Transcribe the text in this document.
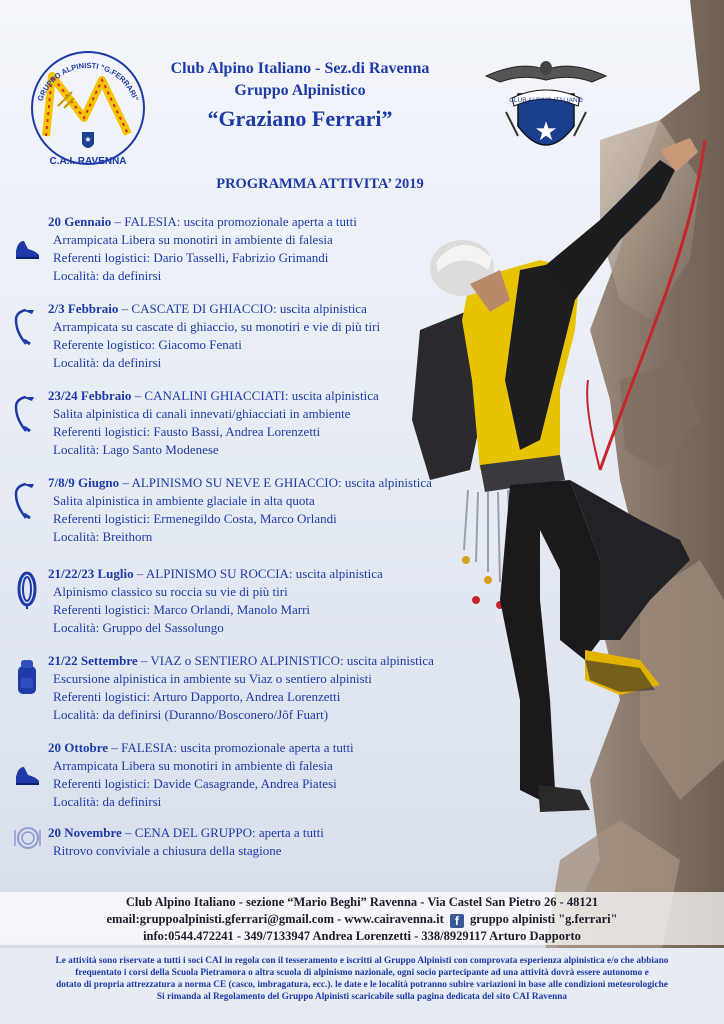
★
C.A.I. RAVENNA
GRUPPO ALPINISTI "G.FERRARI"
Club Alpino Italiano - Sez.di Ravenna
Gruppo Alpinistico
“Graziano Ferrari”
CLUB ALPINO ITALIANO
★
PROGRAMMA ATTIVITA’ 2019
20 Gennaio – FALESIA: uscita promozionale aperta a tutti
Arrampicata Libera su monotiri in ambiente di falesia
Referenti logistici: Dario Tasselli, Fabrizio Grimandi
Località: da definirsi
2/3 Febbraio – CASCATE DI GHIACCIO: uscita alpinistica
Arrampicata su cascate di ghiaccio, su monotiri e vie di più tiri
Referente logistico: Giacomo Fenati
Località: da definirsi
23/24 Febbraio – CANALINI GHIACCIATI: uscita alpinistica
Salita alpinistica di canali innevati/ghiacciati in ambiente
Referenti logistici: Fausto Bassi, Andrea Lorenzetti
Località: Lago Santo Modenese
7/8/9 Giugno – ALPINISMO SU NEVE E GHIACCIO: uscita alpinistica
Salita alpinistica in ambiente glaciale in alta quota
Referenti logistici: Ermenegildo Costa, Marco Orlandi
Località: Breithorn
21/22/23 Luglio – ALPINISMO SU ROCCIA: uscita alpinistica
Alpinismo classico su roccia su vie di più tiri
Referenti logistici: Marco Orlandi, Manolo Marri
Località: Gruppo del Sassolungo
21/22 Settembre – VIAZ o SENTIERO ALPINISTICO: uscita alpinistica
Escursione alpinistica in ambiente su Viaz o sentiero alpinisti
Referenti logistici: Arturo Dapporto, Andrea Lorenzetti
Località: da definirsi (Duranno/Bosconero/Jôf Fuart)
20 Ottobre – FALESIA: uscita promozionale aperta a tutti
Arrampicata Libera su monotiri in ambiente di falesia
Referenti logistici: Davide Casagrande, Andrea Piatesi
Località: da definirsi
20 Novembre – CENA DEL GRUPPO: aperta a tutti
Ritrovo conviviale a chiusura della stagione
Club Alpino Italiano - sezione “Mario Beghi” Ravenna - Via Castel San Pietro 26 - 48121
email:gruppoalpinisti.gferrari@gmail.com - www.cairavenna.it f gruppo alpinisti "g.ferrari"
info:0544.472241 - 349/7133947 Andrea Lorenzetti - 338/8929117 Arturo Dapporto
Le attività sono riservate a tutti i soci CAI in regola con il tesseramento e iscritti al Gruppo Alpinisti con comprovata esperienza alpinistica e/o che abbiano
frequentato i corsi della Scuola Pietramora o altra scuola di alpinismo nazionale, ogni socio partecipante ad una attività dovrà essere autonomo e
dotato di propria attrezzatura a norma CE (casco, imbragatura, ecc.). le date e le località potranno subire variazioni in base alle condizioni meteorologiche
Si rimanda al Regolamento del Gruppo Alpinisti scaricabile sulla pagina dedicata del sito CAI Ravenna
